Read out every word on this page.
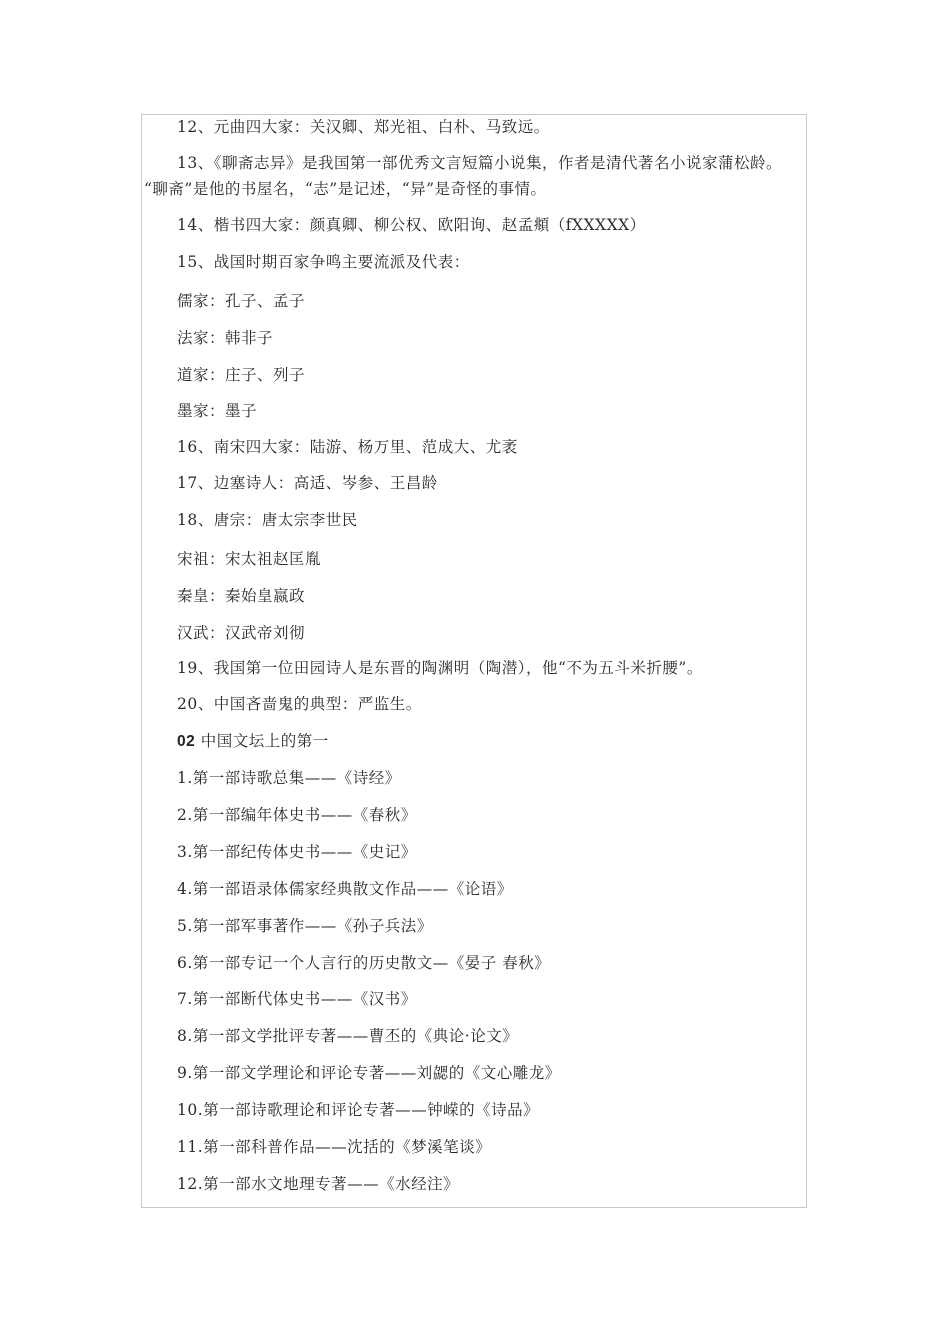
12、元曲四大家：关汉卿、郑光祖、白朴、马致远。
13、《聊斋志异》是我国第一部优秀文言短篇小说集，作者是清代著名小说家蒲松龄。
“聊斋”是他的书屋名，“志”是记述，“异”是奇怪的事情。
14、楷书四大家：颜真卿、柳公权、欧阳询、赵孟頫（fXXXXX）
15、战国时期百家争鸣主要流派及代表：
儒家：孔子、孟子
法家：韩非子
道家：庄子、列子
墨家：墨子
16、南宋四大家：陆游、杨万里、范成大、尤袤
17、边塞诗人：高适、岑参、王昌龄
18、唐宗：唐太宗李世民
宋祖：宋太祖赵匡胤
秦皇：秦始皇嬴政
汉武：汉武帝刘彻
19、我国第一位田园诗人是东晋的陶渊明（陶潜），他“不为五斗米折腰”。
20、中国吝啬鬼的典型：严监生。
02 中国文坛上的第一
1.第一部诗歌总集——《诗经》
2.第一部编年体史书——《春秋》
3.第一部纪传体史书——《史记》
4.第一部语录体儒家经典散文作品——《论语》
5.第一部军事著作——《孙子兵法》
6.第一部专记一个人言行的历史散文—《晏子 春秋》
7.第一部断代体史书——《汉书》
8.第一部文学批评专著——曹丕的《典论·论文》
9.第一部文学理论和评论专著——刘勰的《文心雕龙》
10.第一部诗歌理论和评论专著——钟嵘的《诗品》
11.第一部科普作品——沈括的《梦溪笔谈》
12.第一部水文地理专著——《水经注》
